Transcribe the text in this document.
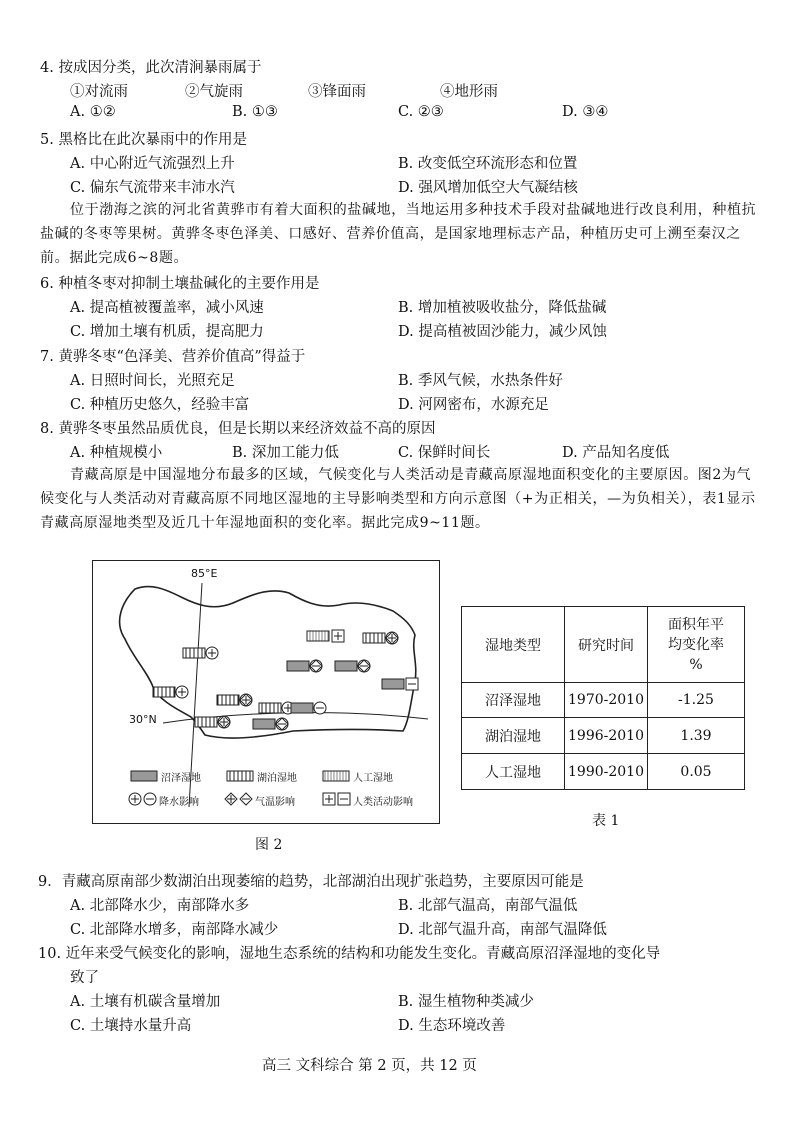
4. 按成因分类，此次清涧暴雨属于
①对流雨	②气旋雨	③锋面雨	④地形雨
A. ①②	B. ①③	C. ②③	D. ③④
5. 黑格比在此次暴雨中的作用是
A. 中心附近气流强烈上升	B. 改变低空环流形态和位置
C. 偏东气流带来丰沛水汽	D. 强风增加低空大气凝结核
位于渤海之滨的河北省黄骅市有着大面积的盐碱地，当地运用多种技术手段对盐碱地进行改良利用，种植抗盐碱的冬枣等果树。黄骅冬枣色泽美、口感好、营养价值高，是国家地理标志产品，种植历史可上溯至秦汉之前。据此完成6~8题。
6. 种植冬枣对抑制土壤盐碱化的主要作用是
A. 提高植被覆盖率，减小风速	B. 增加植被吸收盐分，降低盐碱
C. 增加土壤有机质，提高肥力	D. 提高植被固沙能力，减少风蚀
7. 黄骅冬枣“色泽美、营养价值高”得益于
A. 日照时间长，光照充足	B. 季风气候，水热条件好
C. 种植历史悠久，经验丰富	D. 河网密布，水源充足
8. 黄骅冬枣虽然品质优良，但是长期以来经济效益不高的原因
A. 种植规模小	B. 深加工能力低	C. 保鲜时间长	D. 产品知名度低
青藏高原是中国湿地分布最多的区域，气候变化与人类活动是青藏高原湿地面积变化的主要原因。图2为气候变化与人类活动对青藏高原不同地区湿地的主导影响类型和方向示意图（+为正相关，—为负相关），表1显示青藏高原湿地类型及近几十年湿地面积的变化率。据此完成9~11题。
85°E
30°N
沼泽湿地	湖泊湿地	人工湿地
降水影响	气温影响	人类活动影响
图 2
湿地类型	研究时间	面积年平
均变化率
%

沼泽湿地	1970-2010	-1.25
湖泊湿地	1996-2010	1.39
人工湿地	1990-2010	0.05
表 1
9．青藏高原南部少数湖泊出现萎缩的趋势，北部湖泊出现扩张趋势，主要原因可能是
A. 北部降水少，南部降水多	B. 北部气温高，南部气温低
C. 北部降水增多，南部降水减少	D. 北部气温升高，南部气温降低
10. 近年来受气候变化的影响，湿地生态系统的结构和功能发生变化。青藏高原沼泽湿地的变化导
致了
A. 土壤有机碳含量增加	B. 湿生植物种类减少
C. 土壤持水量升高	D. 生态环境改善
高三 文科综合 第 2 页，共 12 页
